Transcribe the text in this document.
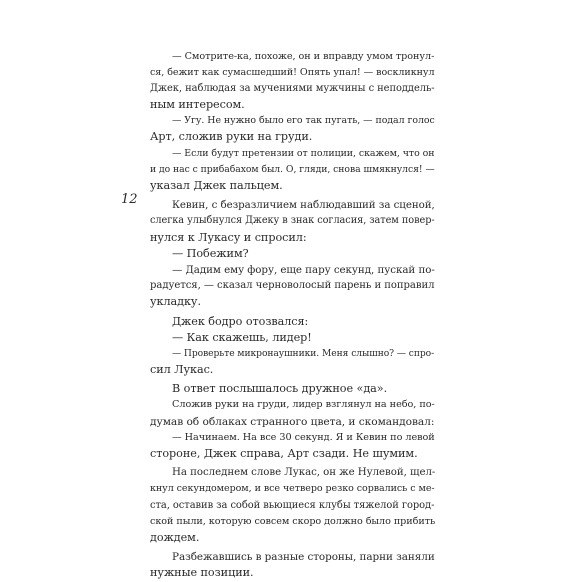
12
— Смотрите-ка, похоже, он и вправду умом тронул-
ся, бежит как сумасшедший! Опять упал! — воскликнул
Джек, наблюдая за мучениями мужчины с неподдель-
ным интересом.
— Угу. Не нужно было его так пугать, — подал голос
Арт, сложив руки на груди.
— Если будут претензии от полиции, скажем, что он
и до нас с прибабахом был. О, гляди, снова шмякнулся! —
указал Джек пальцем.
Кевин, с безразличием наблюдавший за сценой,
слегка улыбнулся Джеку в знак согласия, затем повер-
нулся к Лукасу и спросил:
— Побежим?
— Дадим ему фору, еще пару секунд, пускай по-
радуется, — сказал черноволосый парень и поправил
укладку.
Джек бодро отозвался:
— Как скажешь, лидер!
— Проверьте микронаушники. Меня слышно? — спро-
сил Лукас.
В ответ послышалось дружное «да».
Сложив руки на груди, лидер взглянул на небо, по-
думав об облаках странного цвета, и скомандовал:
— Начинаем. На все 30 секунд. Я и Кевин по левой
стороне, Джек справа, Арт сзади. Не шумим.
На последнем слове Лукас, он же Нулевой, щел-
кнул секундомером, и все четверо резко сорвались с ме-
ста, оставив за собой вьющиеся клубы тяжелой город-
ской пыли, которую совсем скоро должно было прибить
дождем.
Разбежавшись в разные стороны, парни заняли
нужные позиции.
